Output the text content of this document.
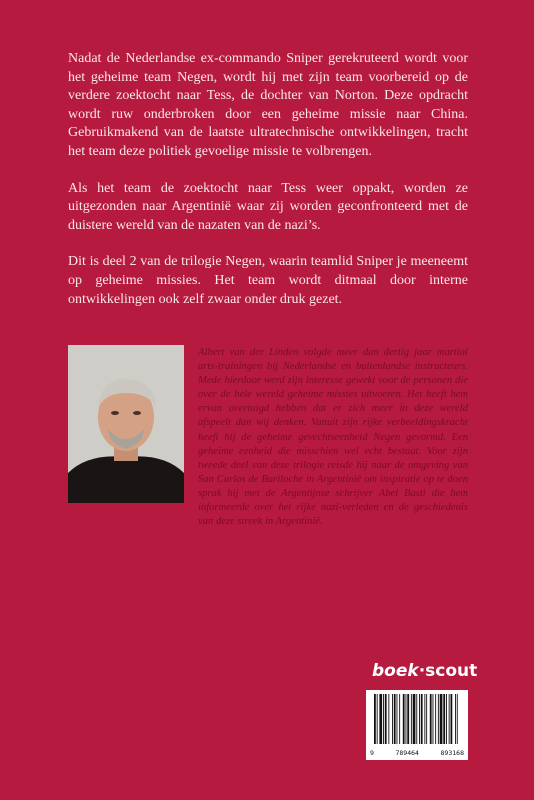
Nadat de Nederlandse ex-commando Sniper gerekruteerd wordt voor het geheime team Negen, wordt hij met zijn team voorbereid op de verdere zoektocht naar Tess, de dochter van Norton. Deze opdracht wordt ruw onderbroken door een geheime missie naar China. Gebruikmakend van de laatste ultratechnische ontwikkelingen, tracht het team deze politiek gevoelige missie te volbrengen.

Als het team de zoektocht naar Tess weer oppakt, worden ze uitgezonden naar Argentinië waar zij worden geconfronteerd met de duistere wereld van de nazaten van de nazi’s.

Dit is deel 2 van de trilogie Negen, waarin teamlid Sniper je meeneemt op geheime missies. Het team wordt ditmaal door interne ontwikkelingen ook zelf zwaar onder druk gezet.

Albert van der Linden volgde meer dan dertig jaar martial arts-trainingen bij Nederlandse en buitenlandse instructeurs. Mede hierdoor werd zijn interesse gewekt voor de personen die over de hele wereld geheime missies uitvoeren. Het heeft hem ervan overtuigd hebben dat er zich meer in deze wereld afspeelt dan wij denken. Vanuit zijn rijke verbeeldingskracht heeft hij de geheime gevechtseenheid Negen gevormd. Een geheime eenheid die misschien wel echt bestaat. Voor zijn tweede deel van deze trilogie reisde hij naar de omgeving van San Carlos de Bariloche in Argentinië om inspiratie op te doen sprak hij met de Argentijnse schrijver Abel Basti die hem informeerde over het rijke nazi-verleden en de geschiedenis van deze streek in Argentinië.
boek · scout
9	789464	893168
